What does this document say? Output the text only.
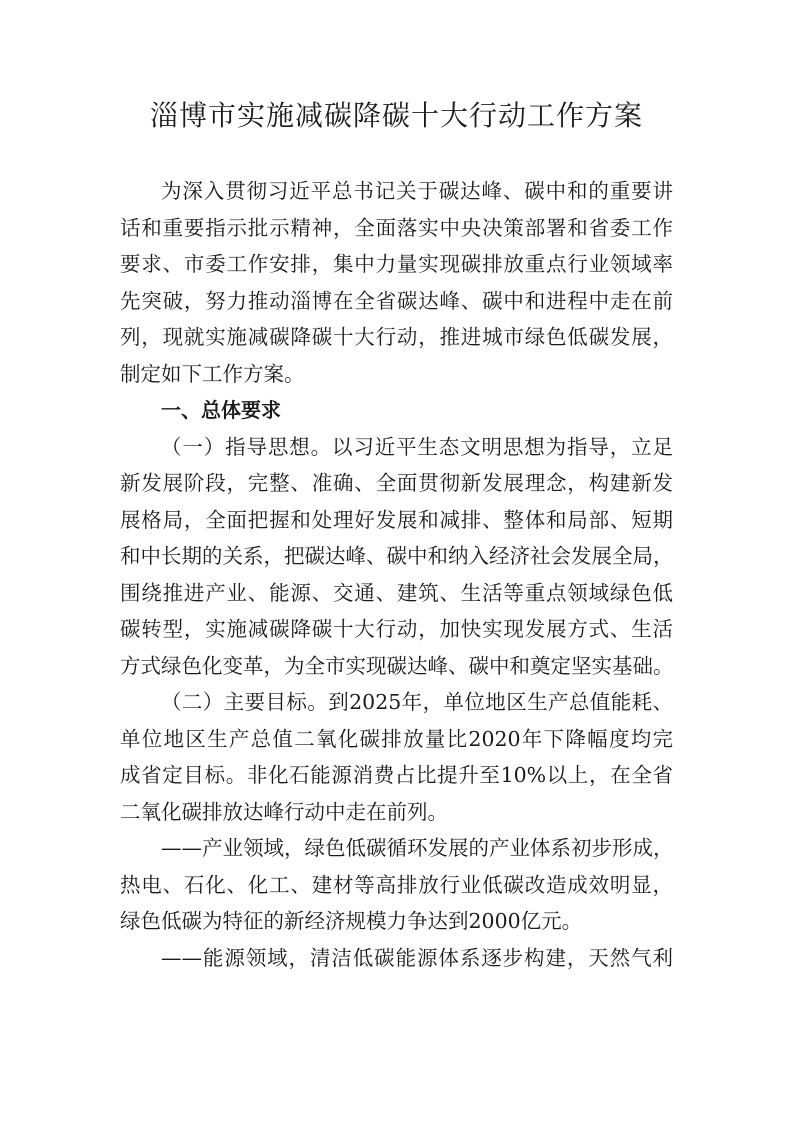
淄博市实施减碳降碳十大行动工作方案
为深入贯彻习近平总书记关于碳达峰、碳中和的重要讲
话和重要指示批示精神，全面落实中央决策部署和省委工作
要求、市委工作安排，集中力量实现碳排放重点行业领域率
先突破，努力推动淄博在全省碳达峰、碳中和进程中走在前
列，现就实施减碳降碳十大行动，推进城市绿色低碳发展，
制定如下工作方案。
一、总体要求
（一）指导思想。以习近平生态文明思想为指导，立足
新发展阶段，完整、准确、全面贯彻新发展理念，构建新发
展格局，全面把握和处理好发展和减排、整体和局部、短期
和中长期的关系，把碳达峰、碳中和纳入经济社会发展全局，
围绕推进产业、能源、交通、建筑、生活等重点领域绿色低
碳转型，实施减碳降碳十大行动，加快实现发展方式、生活
方式绿色化变革，为全市实现碳达峰、碳中和奠定坚实基础。
（二）主要目标。到2025年，单位地区生产总值能耗、
单位地区生产总值二氧化碳排放量比2020年下降幅度均完
成省定目标。非化石能源消费占比提升至10%以上，在全省
二氧化碳排放达峰行动中走在前列。
——产业领域，绿色低碳循环发展的产业体系初步形成，
热电、石化、化工、建材等高排放行业低碳改造成效明显，
绿色低碳为特征的新经济规模力争达到2000亿元。
——能源领域，清洁低碳能源体系逐步构建，天然气利
